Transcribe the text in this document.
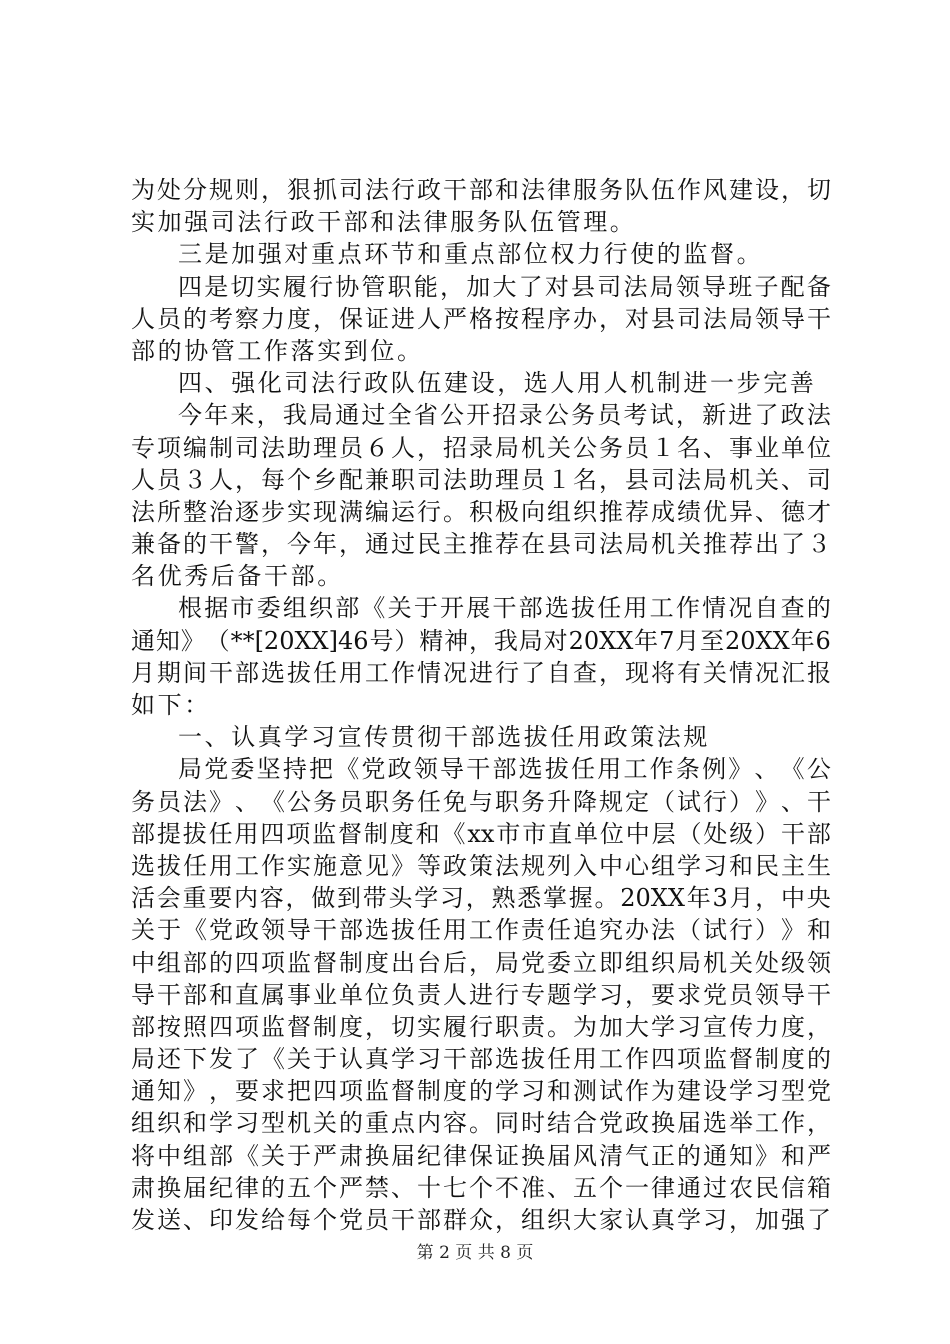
为 处 分 规 则 ， 狠 抓 司 法 行 政 干 部 和 法 律 服 务 队 伍 作 风 建 设 ， 切
实加强司法行政干部和法律服务队伍管理。
三是加强对重点环节和重点部位权力行使的监督。
四 是 切 实 履 行 协 管 职 能 ， 加 大 了 对 县 司 法 局 领 导 班 子 配 备
人 员 的 考 察 力 度 ， 保 证 进 人 严 格 按 程 序 办 ， 对 县 司 法 局 领 导 干
部的协管工作落实到位。
四、强化司法行政队伍建设，选人用人机制进一步完善
今 年 来 ， 我 局 通 过 全 省 公 开 招 录 公 务 员 考 试 ， 新 进 了 政 法
专 项 编 制 司 法 助 理 员 ６ 人 ， 招 录 局 机 关 公 务 员 １ 名 、 事 业 单 位
人 员 ３ 人 ， 每 个 乡 配 兼 职 司 法 助 理 员 １ 名 ， 县 司 法 局 机 关 、 司
法 所 整 治 逐 步 实 现 满 编 运 行 。 积 极 向 组 织 推 荐 成 绩 优 异 、 德 才
兼 备 的 干 警 ， 今 年 ， 通 过 民 主 推 荐 在 县 司 法 局 机 关 推 荐 出 了 ３
名优秀后备干部。
根 据 市 委 组 织 部 《 关 于 开 展 干 部 选 拔 任 用 工 作 情 况 自 查 的
通 知 》 （ **[20XX]46 号 ） 精 神 ， 我 局 对 20XX 年 7 月 至 20XX 年 6
月 期 间 干 部 选 拔 任 用 工 作 情 况 进 行 了 自 查 ， 现 将 有 关 情 况 汇 报
如下：
一、认真学习宣传贯彻干部选拔任用政策法规
局 党 委 坚 持 把 《 党 政 领 导 干 部 选 拔 任 用 工 作 条 例 》 、 《 公
务 员 法 》 、 《 公 务 员 职 务 任 免 与 职 务 升 降 规 定 （ 试 行 ） 》 、 干
部 提 拔 任 用 四 项 监 督 制 度 和 《 xx 市 市 直 单 位 中 层 （ 处 级 ） 干 部
选 拔 任 用 工 作 实 施 意 见 》 等 政 策 法 规 列 入 中 心 组 学 习 和 民 主 生
活 会 重 要 内 容 ， 做 到 带 头 学 习 ， 熟 悉 掌 握 。 20XX 年 3 月 ， 中 央
关 于 《 党 政 领 导 干 部 选 拔 任 用 工 作 责 任 追 究 办 法 （ 试 行 ） 》 和
中 组 部 的 四 项 监 督 制 度 出 台 后 ， 局 党 委 立 即 组 织 局 机 关 处 级 领
导 干 部 和 直 属 事 业 单 位 负 责 人 进 行 专 题 学 习 ， 要 求 党 员 领 导 干
部 按 照 四 项 监 督 制 度 ， 切 实 履 行 职 责 。 为 加 大 学 习 宣 传 力 度 ，
局 还 下 发 了 《 关 于 认 真 学 习 干 部 选 拔 任 用 工 作 四 项 监 督 制 度 的
通 知 》 ， 要 求 把 四 项 监 督 制 度 的 学 习 和 测 试 作 为 建 设 学 习 型 党
组 织 和 学 习 型 机 关 的 重 点 内 容 。 同 时 结 合 党 政 换 届 选 举 工 作 ，
将 中 组 部 《 关 于 严 肃 换 届 纪 律 保 证 换 届 风 清 气 正 的 通 知 》 和 严
肃 换 届 纪 律 的 五 个 严 禁 、 十 七 个 不 准 、 五 个 一 律 通 过 农 民 信 箱
发 送 、 印 发 给 每 个 党 员 干 部 群 众 ， 组 织 大 家 认 真 学 习 ， 加 强 了
第 2 页 共 8 页
